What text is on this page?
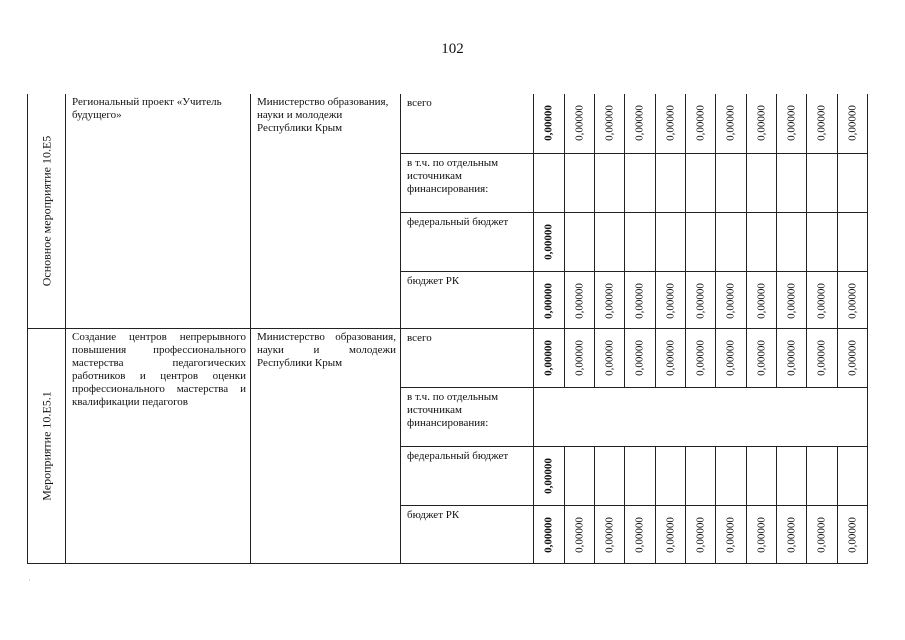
102
Основное мероприятие 10.Е5	Региональный проект «Учитель будущего»	Министерство образования, науки и молодежи Республики Крым	всего	0,00000	0,00000	0,00000	0,00000	0,00000	0,00000	0,00000	0,00000	0,00000	0,00000	0,00000

			в т.ч. по отдельным источникам финансирования:											
			федеральный бюджет	0,00000										

			бюджет РК	0,00000	0,00000	0,00000	0,00000	0,00000	0,00000	0,00000	0,00000	0,00000	0,00000	0,00000

Мероприятие 10.Е5.1	Создание центров непрерывного повышения профессионального мастерства педагогических работников и центров оценки профессионального мастерства и квалификации педагогов	Министерство образования, науки и молодежи Республики Крым	всего	0,00000	0,00000	0,00000	0,00000	0,00000	0,00000	0,00000	0,00000	0,00000	0,00000	0,00000

			в т.ч. по отдельным источникам финансирования:											
			федеральный бюджет	0,00000										

			бюджет РК	0,00000	0,00000	0,00000	0,00000	0,00000	0,00000	0,00000	0,00000	0,00000	0,00000	0,00000
˙
